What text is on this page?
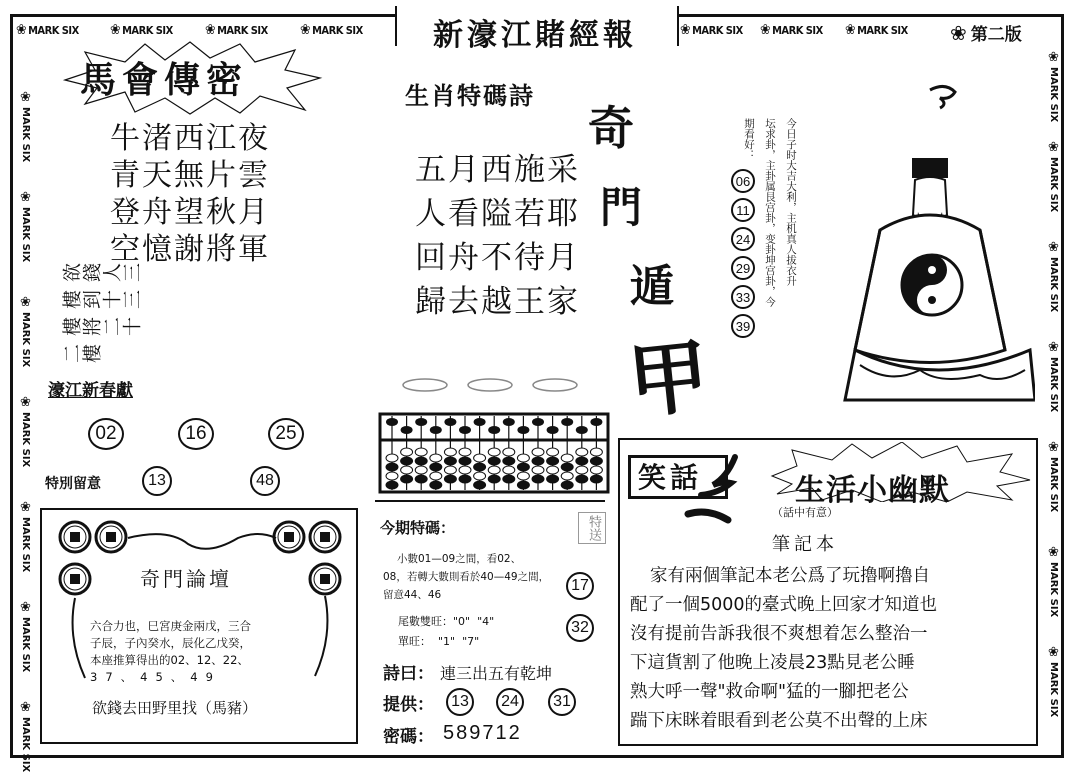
❀ MARK SIX ❀ MARK SIX ❀ MARK SIX ❀ MARK SIX	❀ MARK SIX ❀ MARK SIX ❀ MARK SIX
❀MARK SIX
❀MARK SIX
❀MARK SIX
❀MARK SIX
❀MARK SIX
❀MARK SIX
❀MARK SIX
❀MARK SIX
❀MARK SIX
❀MARK SIX
❀MARK SIX
❀MARK SIX
❀MARK SIX
❀MARK SIX
新濠江賭經報	❀ 第二版
馬會傳密
牛渚西江夜
青天無片雲
登舟望秋月
空憶謝將軍
欲錢人三樓到十三樓將二十二樓
濠江新春獻
02	16	25
特別留意	13	48
奇門論壇
六合力也，巳宮庚金兩戊，三合
子辰，子內癸水，辰化乙戊癸，
本座推算得出的02、12、22、
37、45、49
欲錢去田野里找（馬豬）
生肖特碼詩
五月西施采
人看隘若耶
回舟不待月
歸去越王家
奇
門
遁
甲
今期特碼：	特送
小數01—09之間，看02、
08，若轉大數則看於40—49之間，
留意44、46
17
32
尾數雙旺："0"  "4"
單旺：  "1"  "7"
詩曰： 連三出五有乾坤
提供：	13	24	31
密碼： 589712
今日子时大吉大利，主机真人拔衣升
坛求卦，主卦属艮宫卦，变卦坤宫卦，今
期看好：
06
11
24
29
33
39
笑話	生活小幽默
（話中有意）
筆記本
家有兩個筆記本老公爲了玩擼啊擼自
配了一個5000的臺式晚上回家才知道也
沒有提前告訴我很不爽想着怎么整治一
下這貨割了他晚上凌晨23點見老公睡
熟大呼一聲"救命啊"猛的一腳把老公
踹下床眯着眼看到老公莫不出聲的上床
